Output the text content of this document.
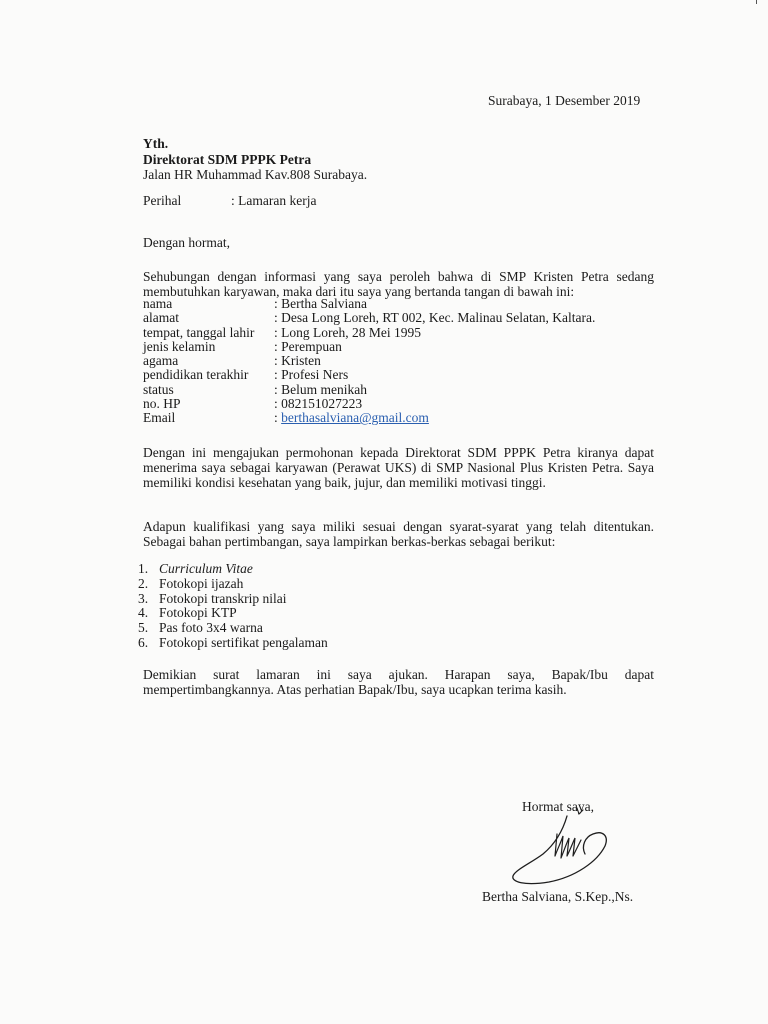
Surabaya, 1 Desember 2019
Yth.
Direktorat SDM PPPK Petra
Jalan HR Muhammad Kav.808 Surabaya.
Perihal	: Lamaran kerja
Dengan hormat,
Sehubungan dengan informasi yang saya peroleh bahwa di SMP Kristen Petra sedang membutuhkan karyawan, maka dari itu saya yang bertanda tangan di bawah ini:
nama	: Bertha Salviana
alamat	: Desa Long Loreh, RT 002, Kec. Malinau Selatan, Kaltara.
tempat, tanggal lahir : Long Loreh, 28 Mei 1995
jenis kelamin	: Perempuan
agama	: Kristen
pendidikan terakhir : Profesi Ners
status	: Belum menikah
no. HP	: 082151027223
Email	: berthasalviana@gmail.com
Dengan ini mengajukan permohonan kepada Direktorat SDM PPPK Petra kiranya dapat menerima saya sebagai karyawan (Perawat UKS) di SMP Nasional Plus Kristen Petra. Saya memiliki kondisi kesehatan yang baik, jujur, dan memiliki motivasi tinggi.
Adapun kualifikasi yang saya miliki sesuai dengan syarat-syarat yang telah ditentukan. Sebagai bahan pertimbangan, saya lampirkan berkas-berkas sebagai berikut:
1. Curriculum Vitae
2. Fotokopi ijazah
3. Fotokopi transkrip nilai
4. Fotokopi KTP
5. Pas foto 3x4 warna
6. Fotokopi sertifikat pengalaman
Demikian surat lamaran ini saya ajukan. Harapan saya, Bapak/Ibu dapat mempertimbangkannya. Atas perhatian Bapak/Ibu, saya ucapkan terima kasih.
Hormat saya,
Bertha Salviana, S.Kep.,Ns.
